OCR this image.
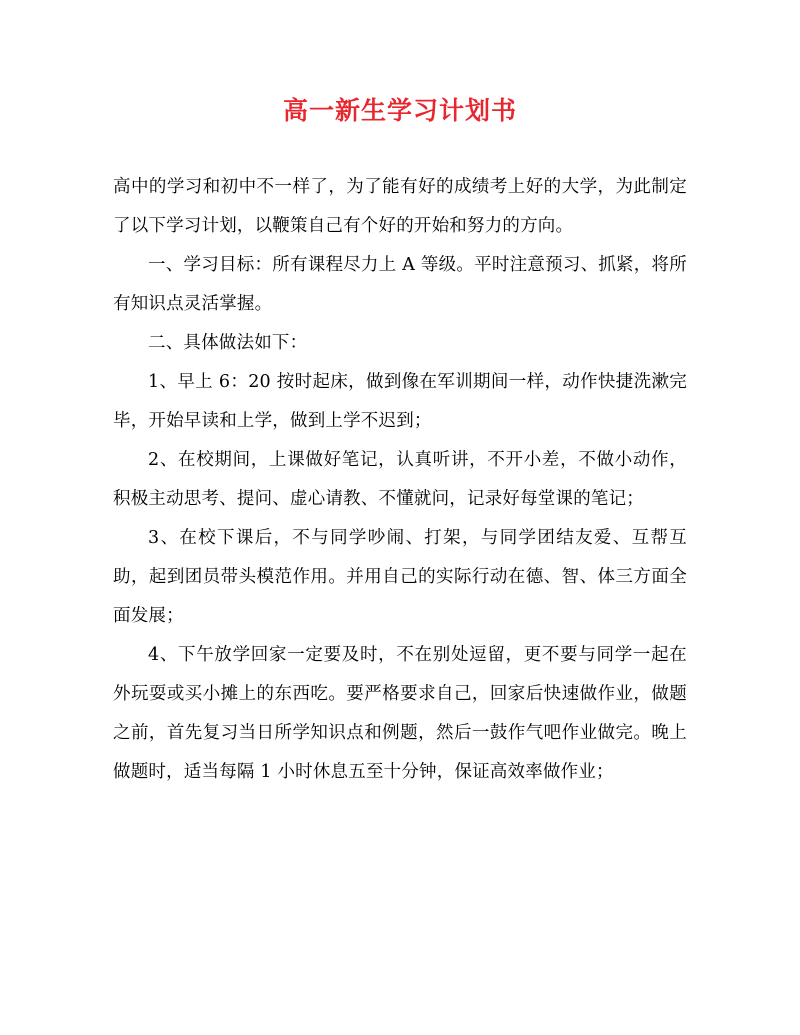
高一新生学习计划书

高中的学习和初中不一样了，为了能有好的成绩考上好的大学，为此制定了以下学习计划，以鞭策自己有个好的开始和努力的方向。

一、学习目标：所有课程尽力上 A 等级。平时注意预习、抓紧，将所有知识点灵活掌握。

二、具体做法如下：

1、早上 6：20 按时起床，做到像在军训期间一样，动作快捷洗漱完毕，开始早读和上学，做到上学不迟到；

2、在校期间，上课做好笔记，认真听讲，不开小差，不做小动作，积极主动思考、提问、虚心请教、不懂就问，记录好每堂课的笔记；

3、在校下课后，不与同学吵闹、打架，与同学团结友爱、互帮互助，起到团员带头模范作用。并用自己的实际行动在德、智、体三方面全面发展；

4、下午放学回家一定要及时，不在别处逗留，更不要与同学一起在外玩耍或买小摊上的东西吃。要严格要求自己，回家后快速做作业，做题之前，首先复习当日所学知识点和例题，然后一鼓作气吧作业做完。晚上做题时，适当每隔 1 小时休息五至十分钟，保证高效率做作业；
